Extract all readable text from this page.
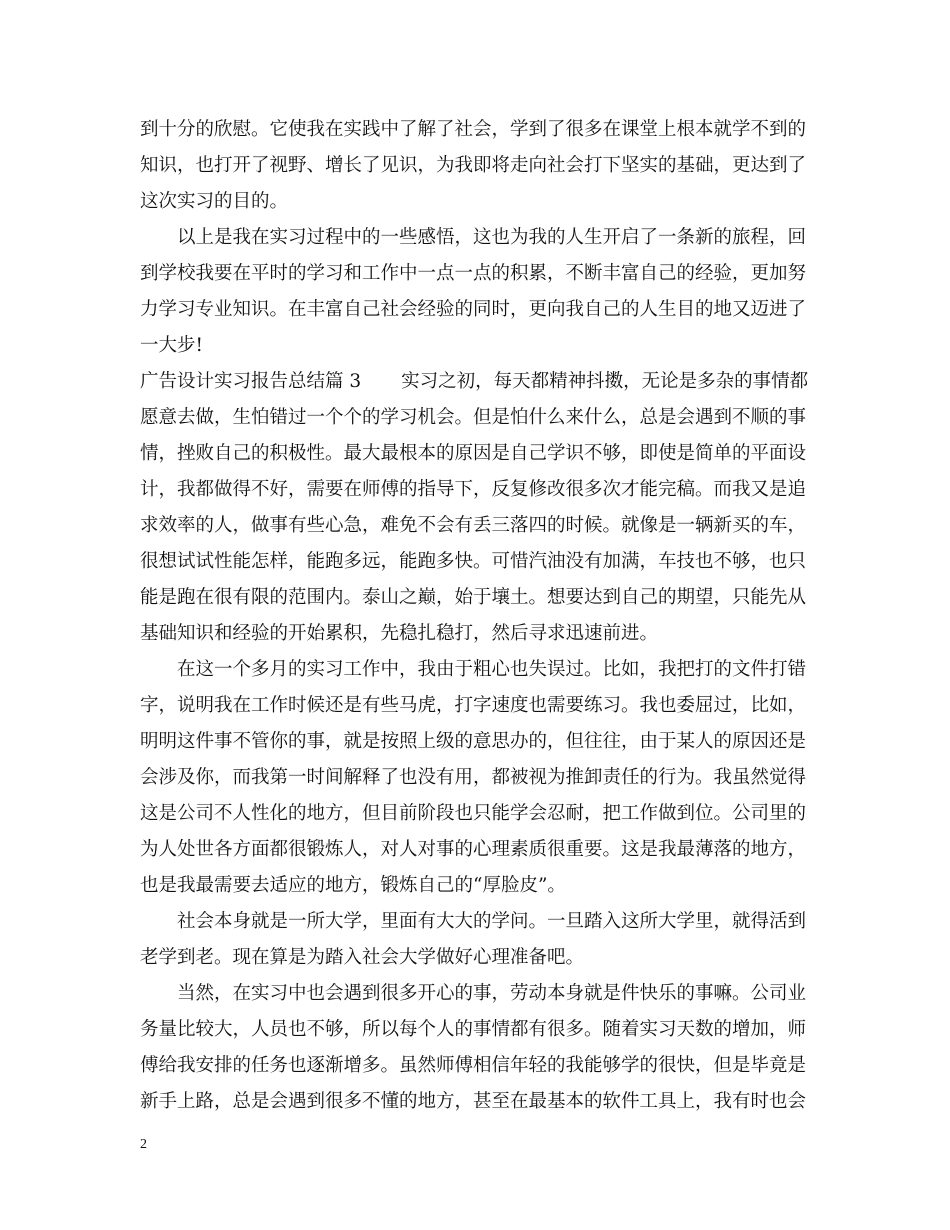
到十分的欣慰。它使我在实践中了解了社会，学到了很多在课堂上根本就学不到的
知识，也打开了视野、增长了见识，为我即将走向社会打下坚实的基础，更达到了
这次实习的目的。
以上是我在实习过程中的一些感悟，这也为我的人生开启了一条新的旅程，回
到学校我要在平时的学习和工作中一点一点的积累，不断丰富自己的经验，更加努
力学习专业知识。在丰富自己社会经验的同时，更向我自己的人生目的地又迈进了
一大步!
广告设计实习报告总结篇 3 实习之初，每天都精神抖擞，无论是多杂的事情都
愿意去做，生怕错过一个个的学习机会。但是怕什么来什么，总是会遇到不顺的事
情，挫败自己的积极性。最大最根本的原因是自己学识不够，即使是简单的平面设
计，我都做得不好，需要在师傅的指导下，反复修改很多次才能完稿。而我又是追
求效率的人，做事有些心急，难免不会有丢三落四的时候。就像是一辆新买的车，
很想试试性能怎样，能跑多远，能跑多快。可惜汽油没有加满，车技也不够，也只
能是跑在很有限的范围内。泰山之巅，始于壤土。想要达到自己的期望，只能先从
基础知识和经验的开始累积，先稳扎稳打，然后寻求迅速前进。
在这一个多月的实习工作中，我由于粗心也失误过。比如，我把打的文件打错
字，说明我在工作时候还是有些马虎，打字速度也需要练习。我也委屈过，比如，
明明这件事不管你的事，就是按照上级的意思办的，但往往，由于某人的原因还是
会涉及你，而我第一时间解释了也没有用，都被视为推卸责任的行为。我虽然觉得
这是公司不人性化的地方，但目前阶段也只能学会忍耐，把工作做到位。公司里的
为人处世各方面都很锻炼人，对人对事的心理素质很重要。这是我最薄落的地方，
也是我最需要去适应的地方，锻炼自己的“厚脸皮”。
社会本身就是一所大学，里面有大大的学问。一旦踏入这所大学里，就得活到
老学到老。现在算是为踏入社会大学做好心理准备吧。
当然，在实习中也会遇到很多开心的事，劳动本身就是件快乐的事嘛。公司业
务量比较大，人员也不够，所以每个人的事情都有很多。随着实习天数的增加，师
傅给我安排的任务也逐渐增多。虽然师傅相信年轻的我能够学的很快，但是毕竟是
新手上路，总是会遇到很多不懂的地方，甚至在最基本的软件工具上，我有时也会
2
